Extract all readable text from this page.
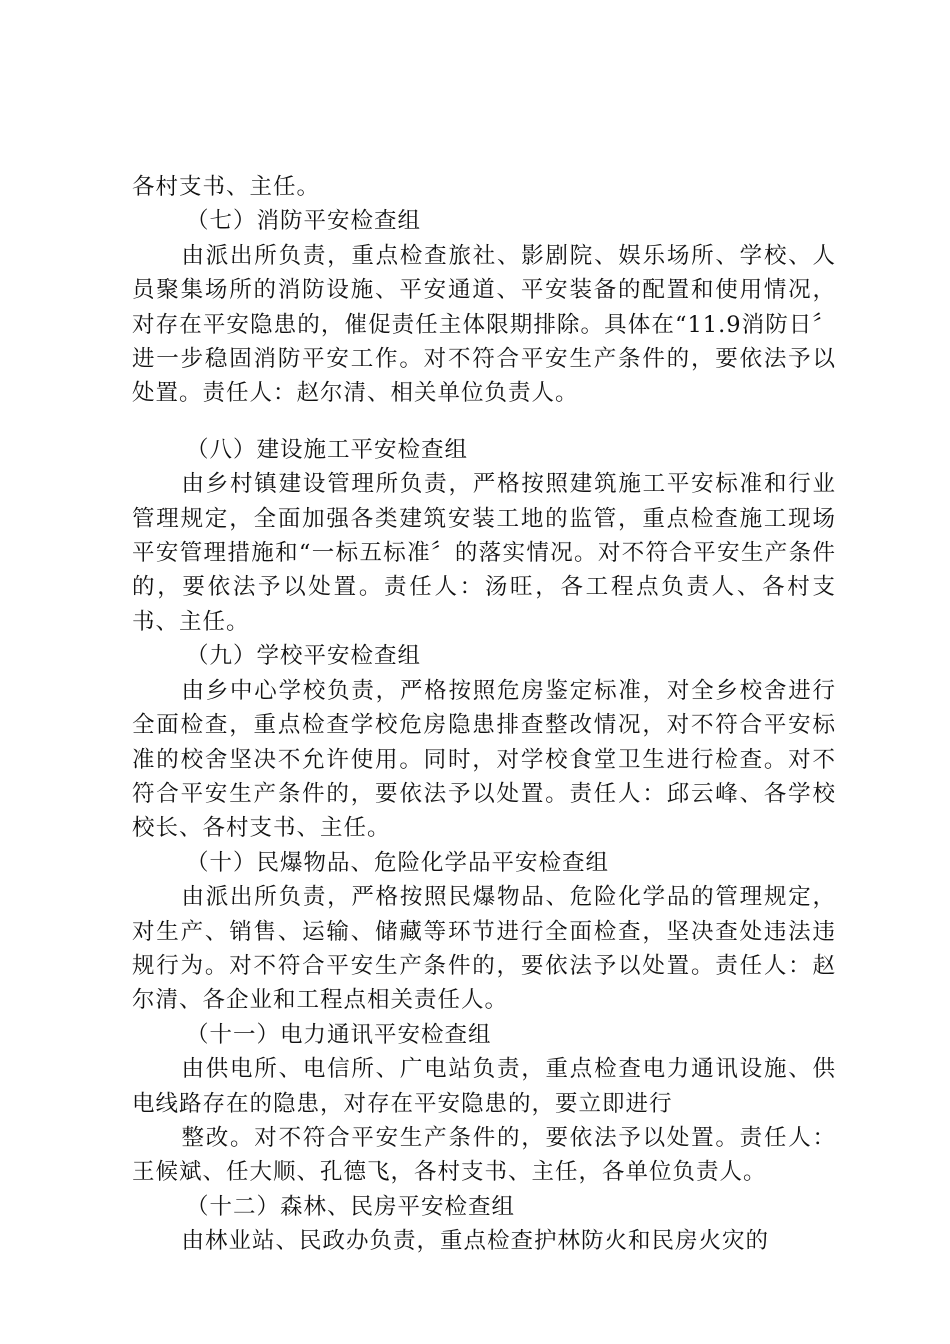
各村支书、主任。

（七）消防平安检查组

由派出所负责，重点检查旅社、影剧院、娱乐场所、学校、人员聚集场所的消防设施、平安通道、平安装备的配置和使用情况，对存在平安隐患的，催促责任主体限期排除。具体在“11.9消防日〞进一步稳固消防平安工作。对不符合平安生产条件的，要依法予以处置。责任人：赵尔清、相关单位负责人。

（八）建设施工平安检查组

由乡村镇建设管理所负责，严格按照建筑施工平安标准和行业管理规定，全面加强各类建筑安装工地的监管，重点检查施工现场平安管理措施和“一标五标准〞的落实情况。对不符合平安生产条件的，要依法予以处置。责任人：汤旺，各工程点负责人、各村支书、主任。

（九）学校平安检查组

由乡中心学校负责，严格按照危房鉴定标准，对全乡校舍进行全面检查，重点检查学校危房隐患排查整改情况，对不符合平安标准的校舍坚决不允许使用。同时，对学校食堂卫生进行检查。对不符合平安生产条件的，要依法予以处置。责任人：邱云峰、各学校校长、各村支书、主任。

（十）民爆物品、危险化学品平安检查组

由派出所负责，严格按照民爆物品、危险化学品的管理规定，对生产、销售、运输、储藏等环节进行全面检查，坚决查处违法违规行为。对不符合平安生产条件的，要依法予以处置。责任人：赵尔清、各企业和工程点相关责任人。

（十一）电力通讯平安检查组

由供电所、电信所、广电站负责，重点检查电力通讯设施、供电线路存在的隐患，对存在平安隐患的，要立即进行

整改。对不符合平安生产条件的，要依法予以处置。责任人：王候斌、任大顺、孔德飞，各村支书、主任，各单位负责人。

（十二）森林、民房平安检查组

由林业站、民政办负责，重点检查护林防火和民房火灾的
